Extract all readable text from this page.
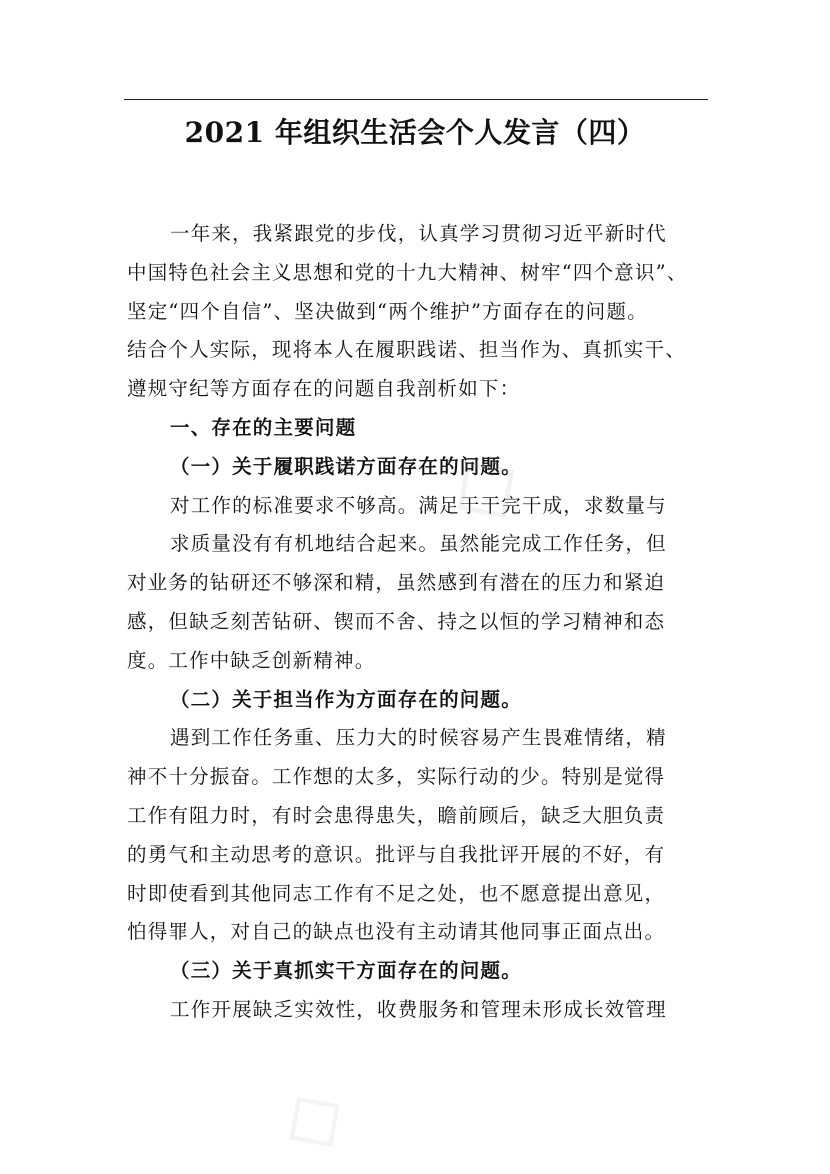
2021 年组织生活会个人发言（四）
一年来，我紧跟党的步伐，认真学习贯彻习近平新时代
中国特色社会主义思想和党的十九大精神、树牢“四个意识”、
坚定“四个自信”、坚决做到“两个维护”方面存在的问题。
结合个人实际，现将本人在履职践诺、担当作为、真抓实干、
遵规守纪等方面存在的问题自我剖析如下：
一、存在的主要问题
（一）关于履职践诺方面存在的问题。
对工作的标准要求不够高。满足于干完干成，求数量与
求质量没有有机地结合起来。虽然能完成工作任务，但
对业务的钻研还不够深和精，虽然感到有潜在的压力和紧迫
感，但缺乏刻苦钻研、锲而不舍、持之以恒的学习精神和态
度。工作中缺乏创新精神。
（二）关于担当作为方面存在的问题。
遇到工作任务重、压力大的时候容易产生畏难情绪，精
神不十分振奋。工作想的太多，实际行动的少。特别是觉得
工作有阻力时，有时会患得患失，瞻前顾后，缺乏大胆负责
的勇气和主动思考的意识。批评与自我批评开展的不好，有
时即使看到其他同志工作有不足之处，也不愿意提出意见，
怕得罪人，对自己的缺点也没有主动请其他同事正面点出。
（三）关于真抓实干方面存在的问题。
工作开展缺乏实效性，收费服务和管理未形成长效管理
◇
◇
